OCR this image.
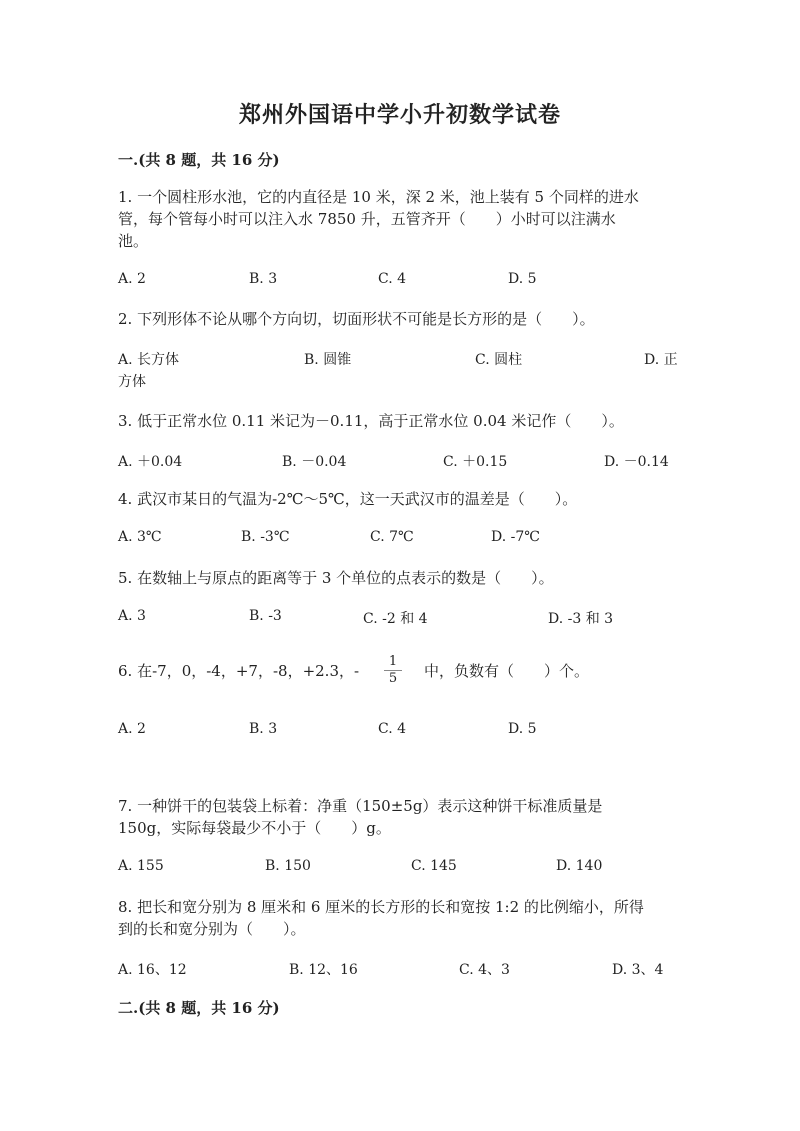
郑州外国语中学小升初数学试卷
一.(共 8 题，共 16 分)
1. 一个圆柱形水池，它的内直径是 10 米，深 2 米，池上装有 5 个同样的进水
管，每个管每小时可以注入水 7850 升，五管齐开（　　）小时可以注满水
池。
A. 2	B. 3	C. 4	D. 5
2. 下列形体不论从哪个方向切，切面形状不可能是长方形的是（　　）。
A. 长方体	B. 圆锥	C. 圆柱	D. 正
方体
3. 低于正常水位 0.11 米记为－0.11，高于正常水位 0.04 米记作（　　）。
A. ＋0.04	B. －0.04	C. ＋0.15	D. －0.14
4. 武汉市某日的气温为-2℃～5℃，这一天武汉市的温差是（　　）。
A. 3℃	B. -3℃	C. 7℃	D. -7℃
5. 在数轴上与原点的距离等于 3 个单位的点表示的数是（　　）。
A. 3	B. -3	C. -2 和 4	D. -3 和 3
6. 在-7，0，-4，+7，-8，+2.3，- $\frac{1}{5}$ 中，负数有（　　）个。
A. 2	B. 3	C. 4	D. 5
7. 一种饼干的包装袋上标着：净重（150±5g）表示这种饼干标准质量是
150g，实际每袋最少不小于（　　）g。
A. 155	B. 150	C. 145	D. 140
8. 把长和宽分别为 8 厘米和 6 厘米的长方形的长和宽按 1:2 的比例缩小，所得
到的长和宽分别为（　　）。
A. 16、12	B. 12、16	C. 4、3	D. 3、4
二.(共 8 题，共 16 分)
